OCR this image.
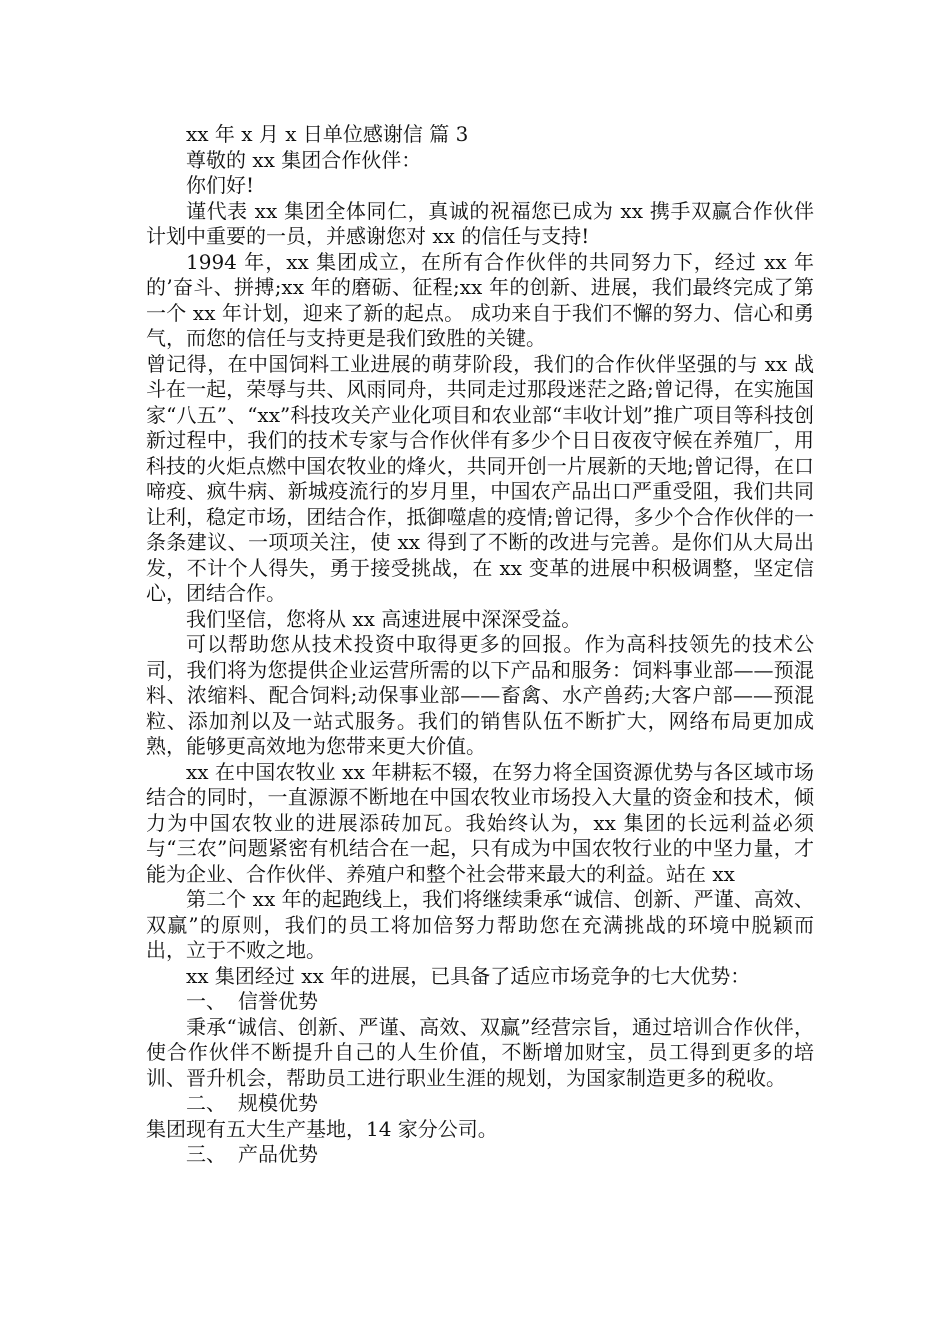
xx 年 x 月 x 日单位感谢信 篇 3

尊敬的 xx 集团合作伙伴：

你们好!

谨代表 xx 集团全体同仁，真诚的祝福您已成为 xx 携手双赢合作伙伴计划中重要的一员，并感谢您对 xx 的信任与支持!

1994 年，xx 集团成立，在所有合作伙伴的共同努力下，经过 xx 年的’奋斗、拼搏;xx 年的磨砺、征程;xx 年的创新、进展，我们最终完成了第一个 xx 年计划，迎来了新的起点。 成功来自于我们不懈的努力、信心和勇气，而您的信任与支持更是我们致胜的关键。

曾记得，在中国饲料工业进展的萌芽阶段，我们的合作伙伴坚强的与 xx 战斗在一起，荣辱与共、风雨同舟，共同走过那段迷茫之路;曾记得，在实施国家“八五”、“xx”科技攻关产业化项目和农业部“丰收计划”推广项目等科技创新过程中，我们的技术专家与合作伙伴有多少个日日夜夜守候在养殖厂，用科技的火炬点燃中国农牧业的烽火，共同开创一片展新的天地;曾记得，在口啼疫、疯牛病、新城疫流行的岁月里，中国农产品出口严重受阻，我们共同让利，稳定市场，团结合作，抵御噬虐的疫情;曾记得，多少个合作伙伴的一条条建议、一项项关注，使 xx 得到了不断的改进与完善。是你们从大局出发，不计个人得失，勇于接受挑战，在 xx 变革的进展中积极调整，坚定信心，团结合作。

我们坚信，您将从 xx 高速进展中深深受益。

可以帮助您从技术投资中取得更多的回报。作为高科技领先的技术公司，我们将为您提供企业运营所需的以下产品和服务：饲料事业部——预混料、浓缩料、配合饲料;动保事业部——畜禽、水产兽药;大客户部——预混粒、添加剂以及一站式服务。我们的销售队伍不断扩大，网络布局更加成熟，能够更高效地为您带来更大价值。

xx 在中国农牧业 xx 年耕耘不辍，在努力将全国资源优势与各区域市场结合的同时，一直源源不断地在中国农牧业市场投入大量的资金和技术，倾力为中国农牧业的进展添砖加瓦。我始终认为，xx 集团的长远利益必须与“三农”问题紧密有机结合在一起，只有成为中国农牧行业的中坚力量，才能为企业、合作伙伴、养殖户和整个社会带来最大的利益。站在 xx

第二个 xx 年的起跑线上，我们将继续秉承“诚信、创新、严谨、高效、双赢”的原则，我们的员工将加倍努力帮助您在充满挑战的环境中脱颖而出，立于不败之地。

xx 集团经过 xx 年的进展，已具备了适应市场竞争的七大优势：

一、 信誉优势

秉承“诚信、创新、严谨、高效、双赢”经营宗旨，通过培训合作伙伴，使合作伙伴不断提升自己的人生价值，不断增加财宝，员工得到更多的培训、晋升机会，帮助员工进行职业生涯的规划，为国家制造更多的税收。

二、 规模优势

集团现有五大生产基地，14 家分公司。

三、 产品优势
